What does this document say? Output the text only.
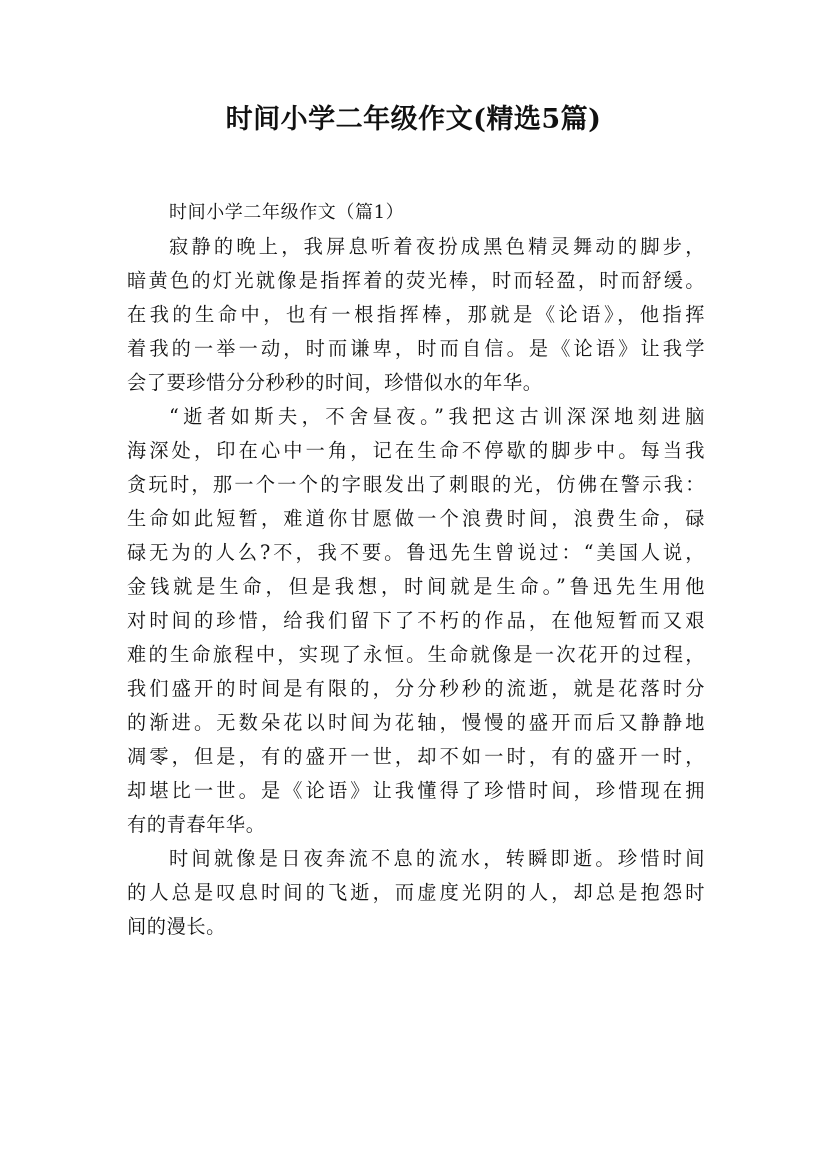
时间小学二年级作文(精选5篇)
时间小学二年级作文（篇1）
寂静的晚上，我屏息听着夜扮成黑色精灵舞动的脚步，
暗黄色的灯光就像是指挥着的荧光棒，时而轻盈，时而舒缓。
在我的生命中，也有一根指挥棒，那就是《论语》，他指挥
着我的一举一动，时而谦卑，时而自信。是《论语》让我学
会了要珍惜分分秒秒的时间，珍惜似水的年华。
“逝者如斯夫，不舍昼夜。”我把这古训深深地刻进脑
海深处，印在心中一角，记在生命不停歇的脚步中。每当我
贪玩时，那一个一个的字眼发出了刺眼的光，仿佛在警示我：
生命如此短暂，难道你甘愿做一个浪费时间，浪费生命，碌
碌无为的人么?不，我不要。鲁迅先生曾说过：“美国人说，
金钱就是生命，但是我想，时间就是生命。”鲁迅先生用他
对时间的珍惜，给我们留下了不朽的作品，在他短暂而又艰
难的生命旅程中，实现了永恒。生命就像是一次花开的过程，
我们盛开的时间是有限的，分分秒秒的流逝，就是花落时分
的渐进。无数朵花以时间为花轴，慢慢的盛开而后又静静地
凋零，但是，有的盛开一世，却不如一时，有的盛开一时，
却堪比一世。是《论语》让我懂得了珍惜时间，珍惜现在拥
有的青春年华。
时间就像是日夜奔流不息的流水，转瞬即逝。珍惜时间
的人总是叹息时间的飞逝，而虚度光阴的人，却总是抱怨时
间的漫长。
